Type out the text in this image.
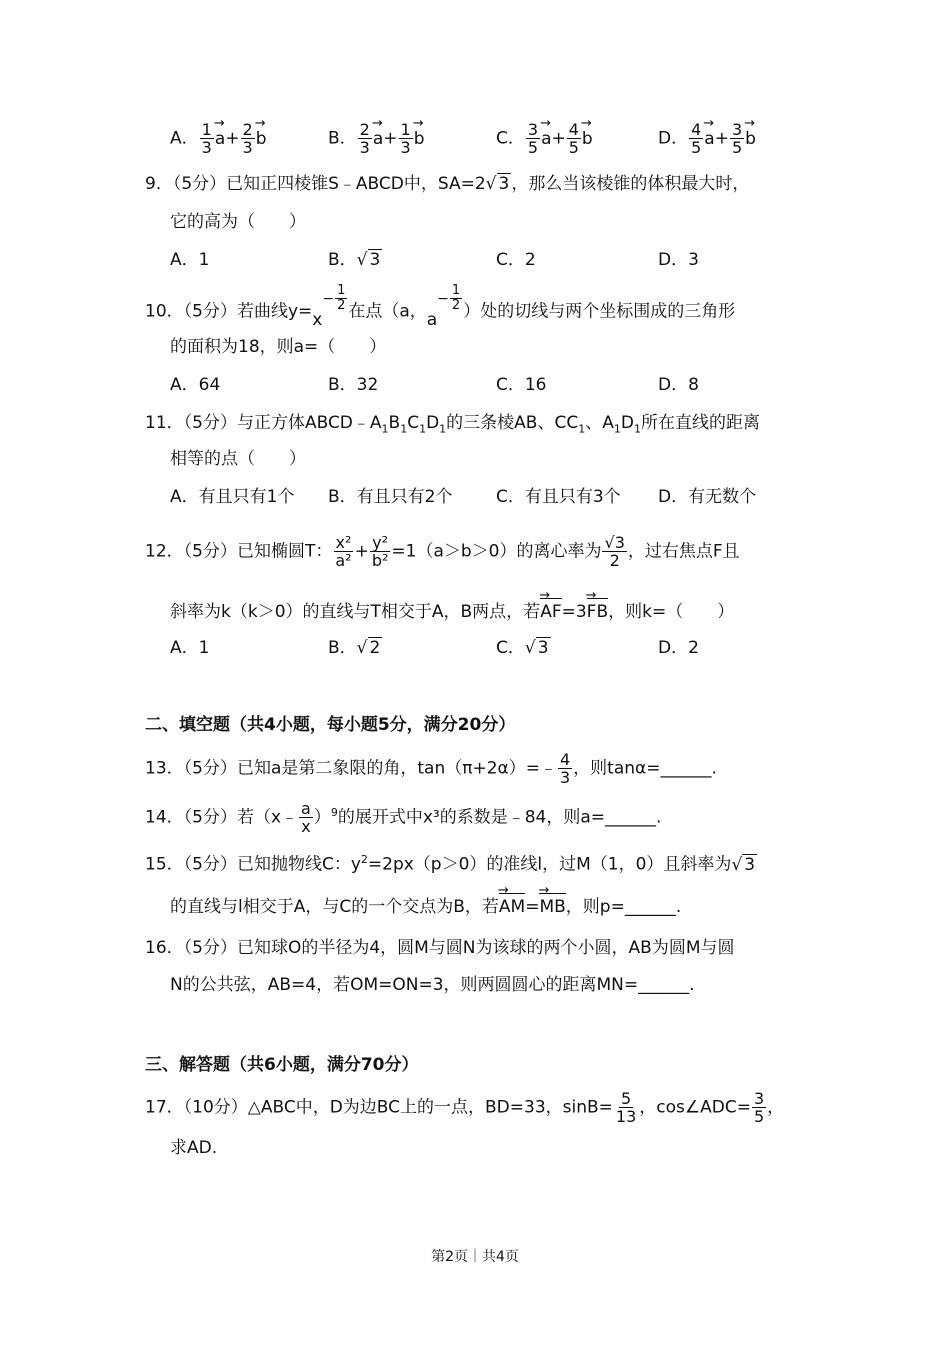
A． $\frac{1}{3}$ $a \to+ \frac{2}{3}$ b →	B． $\frac{2}{3}$ $a \to+ \frac{1}{3}$ b →	C． $\frac{3}{5}$ $a \to+ \frac{4}{5}$ b →	D． $\frac{4}{5}$ $a \to+ \frac{3}{5}$ b →
9．（5分）已知正四棱锥S﹣ABCD中，SA=2√ 3 ，那么当该棱锥的体积最大时，
它的高为（　　）
A．1	B．√ 3	C．2	D．3
10．（5分）若曲线$y=x^{- \frac{1}{2}}$ 在点（a，$a^{- \frac{1}{2}}$ ）处的切线与两个坐标围成的三角形
的面积为18，则a=（　　）
A．64	B．32	C．16	D．8
11．（5分）与正方体$ABCD﹣A_1B_1C_1D_1$的三条棱AB、$CC_1$、$A_1D_1$所在直线的距离
相等的点（　　）
A．有且只有1个 B．有且只有2个	C．有且只有3个 D．有无数个
12．（5分）已知椭圆T： $\frac{\text{x²}}{\text{a²}} + \frac{\text{y²}}{\text{b²}} =1(a>b>0)$的离心率为 $\frac{√3}{2}$ ，过右焦点F且
斜率为k（k＞0）的直线与T相交于A，B两点，若AF →=3FB →，则k=（　　）
A．1	B．√ 2	C．√ 3	D．2
二、填空题（共4小题，每小题5分，满分20分）
13．（5分）已知a是第二象限的角，tan（π+2α）=﹣ $\frac{4}{3}$ ，则tanα=______.
14．（5分）若（x﹣ $\frac{a}{x} )^9$的展开式中x³的系数是﹣84，则a=______.
15．（5分）已知抛物线C：$y^2=2px(p>0)$的准线l，过M（1，0）且斜率为√ 3
的直线与l相交于A，与C的一个交点为B，若AM →=MB →，则p=______.
16．（5分）已知球O的半径为4，圆M与圆N为该球的两个小圆，AB为圆M与圆
N的公共弦，AB=4，若OM=ON=3，则两圆圆心的距离MN=______.
三、解答题（共6小题，满分70分）
17．（10分）△ABC中，D为边BC上的一点，BD=33，$\sin B= \frac{5}{13}$ ，cos∠ADC= $\frac{3}{5}$ ，
求AD.
第2页｜共4页
